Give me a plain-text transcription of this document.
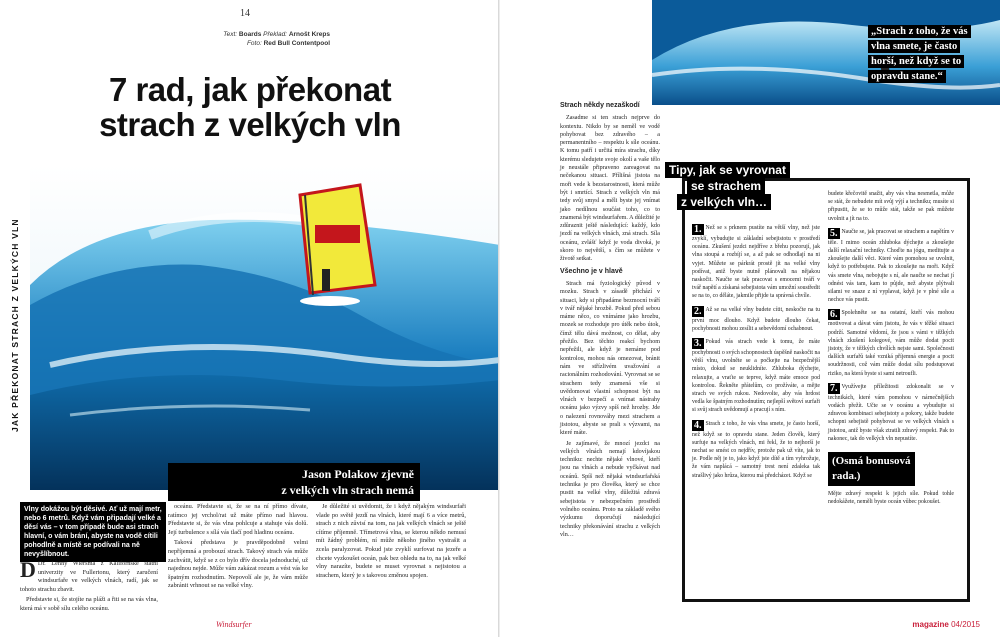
14
Text: Boards Překlad: Arnošt Kreps
Foto: Red Bull Contentpool
7 rad, jak překonat
strach z velkých vln
JAK PŘEKONAT STRACH Z VELKÝCH VLN
Jason Polakow zjevně
z velkých vln strach nemá
Vlny dokážou být děsivé. Ať už mají metr, nebo 6 metrů. Když vám připadají velké a děsí vás – v tom případě bude asi strach hlavní, o vám brání, abyste na vodě cítili pohodlně a místě se podívali na ně nevyšlíbnout.

D Dr. Lenny Wiersma z Kalifornské státní univerzity ve Fullertonu, který zaručení windsurfaře ve velkých vlnách, radí, jak se tohoto strachu zbavit.

Představte si, že stojíte na pláži a řiti se na vás vlna, která má v sobě sílu celého oceánu.

oceánu. Představte si, že se na ní přímo dívate, ratímco jej vrchol/rat už máte přímo nad hlavou. Představte si, že vás vlna pohlcuje a stahuje vás dolů. Její turbulence s sílá vás tlačí pod hladinu oceánu.

Taková představa je pravděpodobně velmi nepříjemná a probouzí strach. Takový strach vás může zachvátit, když se z co bylo dřív docela jednoduché, už najednou nejde. Může vám zakázat rozum a vést vás ke špatným rozhodnutím. Nepovolí ale je, že vám může zabránit vrhnout se na velké vlny.

Je důležité si uvědomit, že i když nějakým windsurfaři vlade po světě jezdí na vlnách, které mají 6 a více metrů, strach z nich zůvisí na tom, na jak velkých vlnách se ještě cítíme příjemně. Třímetrová vlna, se kterou někdo nemusí mít žádný problém, ní může někoho jiného vystrašit a zcela paralyzovat. Pokud jste zvyklí surfovat na jezeře a chcete vyzkoušet oceán, pak bez ohledu na to, na jak velké vlny narazíte, budete se muset vyrovnat s nejistotou a strachem, který je s takovou změnou spojen.

Windsurfer
„Strach z toho, že vás
vlna smete, je často
horší, než když se to
opravdu stane.“
Strach někdy nezaškodí

Zasadme si ten strach nejprve do kontextu. Nikdo by se neměl ve vodě pohybovat bez zdravého – a permanentního – respektu k síle oceánu. K tomu patří i určitá míra strachu, díky kterému sledujete svoje okolí a vaše tělo je neustále připraveno zareagovat na nečekanou situaci. Přílišná jistota na moři vede k bezstarostnosti, která může být i smrtící. Strach z velkých vln má tedy svůj smysl a měli byste jej vnímat jako nedílnou součást toho, co to znamená být windsurfařem. A důležité je zdůraznit ještě následující: každý, kdo jezdí na velkých vlnách, zná strach. Síla oceánu, zvlášť když je voda divoká, je skoro to největší, s čím se můžete v životě setkat.

Všechno je v hlavě

Strach má fyziologický původ v mozku. Strach v zásadě přichází v situaci, kdy si připadáme bezmocní tváří v tvář nějaké hrozbě. Pokud před sebou máme něco, co vnímáme jako hrozbu, mozek se rozhoduje pro útěk nebo útok, čímž tělu dává možnost, co dělat, aby přežilo. Bez těchto reakcí bychom nepřežili, ale když je nemáme pod kontrolou, mohou nás omezovat, bránit nám ve střízlivém uvažování a racionálním rozhodování. Vyrovnat se se strachem tedy znamená vše si uvědomovat vlastní schopnost být na vlnách v bezpečí a vnímat nástrahy oceánu jako výzvy spíš než hrozby. Jde o nalezení rovnováhy mezi strachem a jistotou, abyste se prali s výzvami, na které máte.

Je zajímavé, že mnozí jezdci na velkých vlnách nemají kdovíjakou techniku: nechte nějaké vlnové, kteří jsou na vlnách a nebude vyčkávat nad oceánů. Spíš než nějaká windsurfařská technika je pro člověka, který se chce pustit na velké vlny, důležitá zdravá sebejistota v nebezpečném prostředí volného oceánu. Proto na základě svého výzkumu doporučují následující techniky překonávání strachu z velkých vln…

Tipy, jak se vyrovnat
se strachem
z velkých vln…
1. Než se s prknem pustíte na větší vlny, než jste zvyklí, vybudujte si základní sebejistotu v prostředí oceánu. Zkušení jezdci nejdříve z břehu pozorují, jak vlna stoupá a rozbíjí se, a až pak se odhodlají na ni vyjet. Můžete se párkrát prostě jít na velké vlny podívat, aniž byste nutně plánovali na nějakou naskočit. Naučte se tak pracovat s emocemi tváří v tvář napětí a získaná sebejistota vám umožní soustředit se na to, co děláte, jakmile přijde ta správná chvíle.
2. Až se na velké vlny budete cítit, neskočte na tu první moc dlouho. Když budete dlouho čekat, pochybnosti mohou zesílit a sebevědomí ochabnout.
3. Pokud vás strach vede k tomu, že máte pochybnosti o svých schopnostech úspěšně naskočit na větší vlnu, uvolněte se a počkejte na bezpečnější místo, dokud se neuklidníte. Zhluboka dýchejte, relaxujte, a vraťte se teprve, když máte emoce pod kontrolou. Řekněte přátelům, co prožíváte, a mějte strach ve svých rukou. Nedovolte, aby vás hrdost vedla ke špatným rozhodnutím; nejlepší světoví surfaři si svůj strach uvědomují a pracují s ním.
4. Strach z toho, že vás vlna smete, je často horší, než když se to opravdu stane. Jeden člověk, který surfuje na velkých vlnách, mi řekl, že to nejhorší je nechat se smést co nejdřív, protože pak už víte, jak to je. Podle něj je to, jako když jste dítě a tím vyhrožuje, že vám naplácá – samotný trest není zdaleka tak strašlivý jako hrůza, kterou má předcházet. Když se
budete křečovitě snažit, aby vás vlna nesmetla, může se stát, že nebudete mít svůj výjí a techniku; musíte si připustit, že se to může stát, takže se pak můžete uvolnit a jít na to.
5. Naučte se, jak pracovat se strachem a napětím v těle. I mimo oceán zhluboka dýchejte a zkoušejte další relaxační techniky. Choďte na jógu, meditujte a zkoušejte další věci. Které vám pomohou se uvolnit, když to potřebujete. Pak to zkoušejte na moři. Když vás smete vlna, nebojujte s ní, ale naučte se nechat jí odnést vás tam, kam to půjde, než abyste plýtvali silami ve snaze z ní vyplavat, když je v plné síle a nechce vás pustit.
6. Spolehněte se na ostatní, kteří vás mohou motivovat a dávat vám jistotu, že vás v těžké situaci podrží. Samotné vědomí, že jsou s vámi v těžkých vlnách zkušení kolegové, vám může dodat pocit jistoty, že v těžkých chvílích nejste sami. Společnosti dalších surfařů také vzniká příjemná energie a pocit soudržnosti, což vám může dodat sílu podstupovat riziko, na která byste si sami netroufli.
7. Využívejte příležitosti zdokonalit se v technikách, které vám pomohou v nárnečnějších vodách přežít. Učte se v oceánu a vybudujte si zdravou kombinaci sebejistoty a pokory, takže budete schopni sebejistě pohybovat se ve velkých vlnách s jistotou, aniž byste však ztratili zdravý respekt. Pak to nakonec, tak do velkých vln nepustíte.
(Osmá bonusová
rada.)
Mějte zdravý respekt k jejich síle. Pokud tohle nedokážete, neměli byste oceán vůbec pokoušet.
magazine 04/2015
